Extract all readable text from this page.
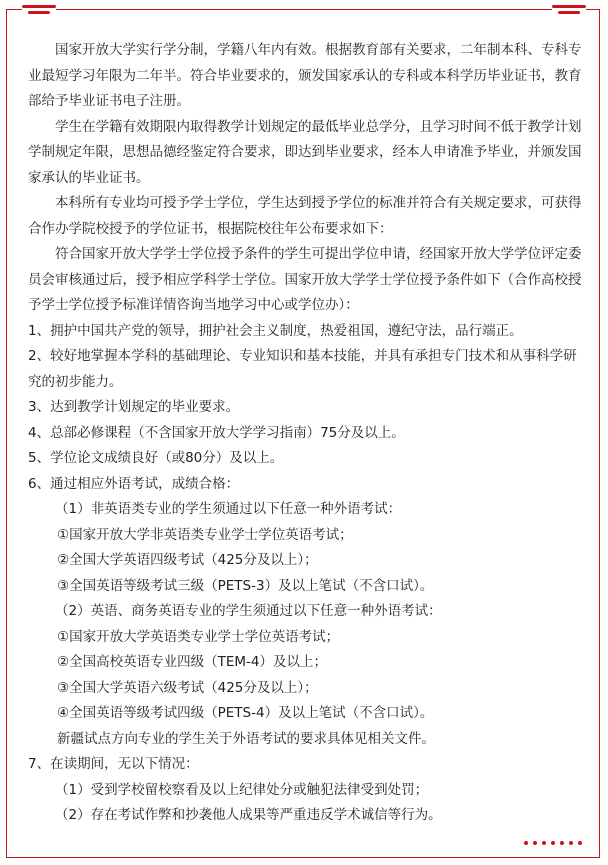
国家开放大学实行学分制，学籍八年内有效。根据教育部有关要求，二年制本科、专科专业最短学习年限为二年半。符合毕业要求的，颁发国家承认的专科或本科学历毕业证书，教育部给予毕业证书电子注册。

学生在学籍有效期限内取得教学计划规定的最低毕业总学分，且学习时间不低于教学计划学制规定年限，思想品德经鉴定符合要求，即达到毕业要求，经本人申请准予毕业，并颁发国家承认的毕业证书。

本科所有专业均可授予学士学位，学生达到授予学位的标准并符合有关规定要求，可获得合作办学院校授予的学位证书，根据院校往年公布要求如下：

符合国家开放大学学士学位授予条件的学生可提出学位申请，经国家开放大学学位评定委员会审核通过后，授予相应学科学士学位。国家开放大学学士学位授予条件如下（合作高校授予学士学位授予标准详情咨询当地学习中心或学位办）：

1、拥护中国共产党的领导，拥护社会主义制度，热爱祖国，遵纪守法，品行端正。

2、较好地掌握本学科的基础理论、专业知识和基本技能，并具有承担专门技术和从事科学研究的初步能力。

3、达到教学计划规定的毕业要求。

4、总部必修课程（不含国家开放大学学习指南）75分及以上。

5、学位论文成绩良好（或80分）及以上。

6、通过相应外语考试，成绩合格：

（1）非英语类专业的学生须通过以下任意一种外语考试：

①国家开放大学非英语类专业学士学位英语考试；

②全国大学英语四级考试（425分及以上）；

③全国英语等级考试三级（PETS-3）及以上笔试（不含口试）。

（2）英语、商务英语专业的学生须通过以下任意一种外语考试：

①国家开放大学英语类专业学士学位英语考试；

②全国高校英语专业四级（TEM-4）及以上；

③全国大学英语六级考试（425分及以上）；

④全国英语等级考试四级（PETS-4）及以上笔试（不含口试）。

新疆试点方向专业的学生关于外语考试的要求具体见相关文件。

7、在读期间，无以下情况：

（1）受到学校留校察看及以上纪律处分或触犯法律受到处罚；

（2）存在考试作弊和抄袭他人成果等严重违反学术诚信等行为。
